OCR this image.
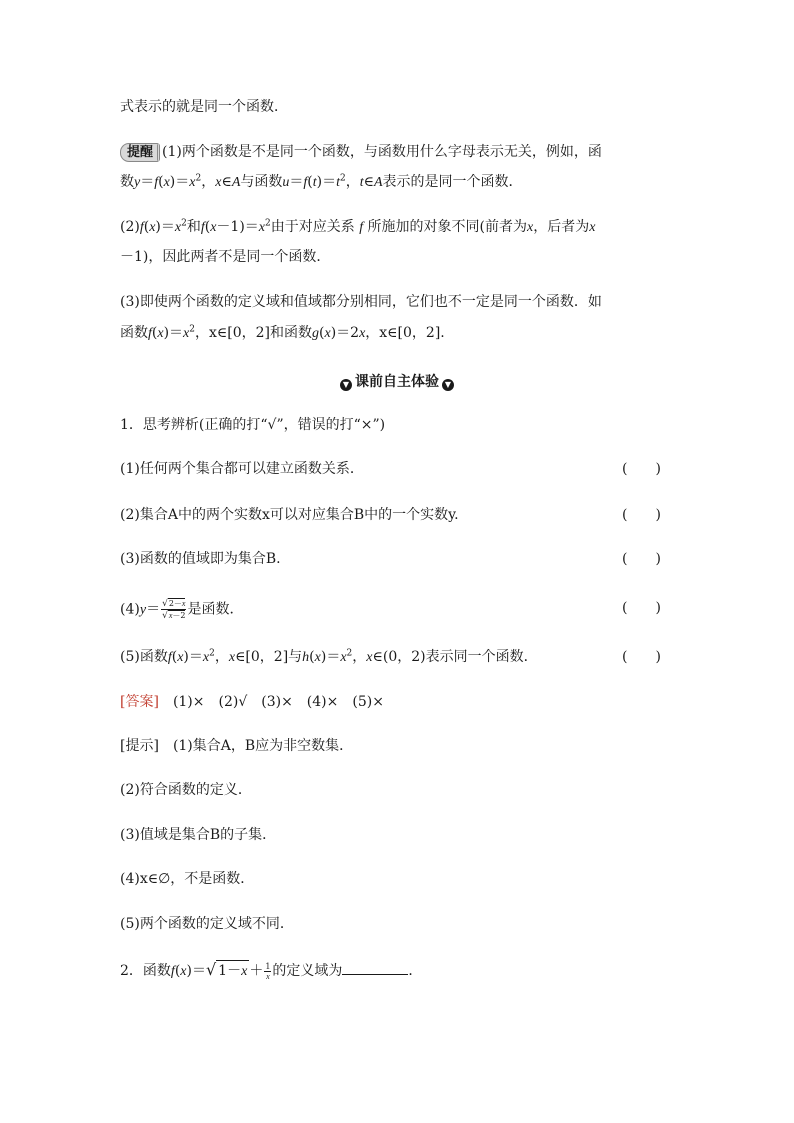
式表示的就是同一个函数．
提醒 (1)两个函数是不是同一个函数，与函数用什么字母表示无关，例如，函
数$y=f(x)=x^2$，x∈A与函数$u=f(t)=t^2$，t∈A表示的是同一个函数．
$(2)f(x)=x^2$和$f(x-1)=x^2$由于对应关系 f 所施加的对象不同(前者为x，后者为x
－1)，因此两者不是同一个函数．
(3)即使两个函数的定义域和值域都分别相同，它们也不一定是同一个函数．如
函数$f(x)=x^2$，x∈[0，2]和函数g(x)＝2x，x∈[0，2].
▼ 课前自主体验 ▼
1．思考辨析(正确的打“√”，错误的打“×”)
(1)任何两个集合都可以建立函数关系．	(　　)
(2)集合A中的两个实数x可以对应集合B中的一个实数y.	(　　)
(3)函数的值域即为集合B.	(　　)
$(4)y= \frac{√2-x}{√x-2}$ 是函数．	(　　)
(5)函数$f(x)=x^2$，x∈[0，2]与$h(x)=x^2$，x∈(0，2)表示同一个函数．	(　　)
[答案]　 (1)×　(2)√　(3)×　(4)×　(5)×
[提示]　 (1)集合A，B应为非空数集．
(2)符合函数的定义．
(3)值域是集合B的子集．
(4)x∈∅，不是函数．
(5)两个函数的定义域不同．
2．函数f(x)＝√ $1-x + \frac{1}{x}$ 的定义域为	．
